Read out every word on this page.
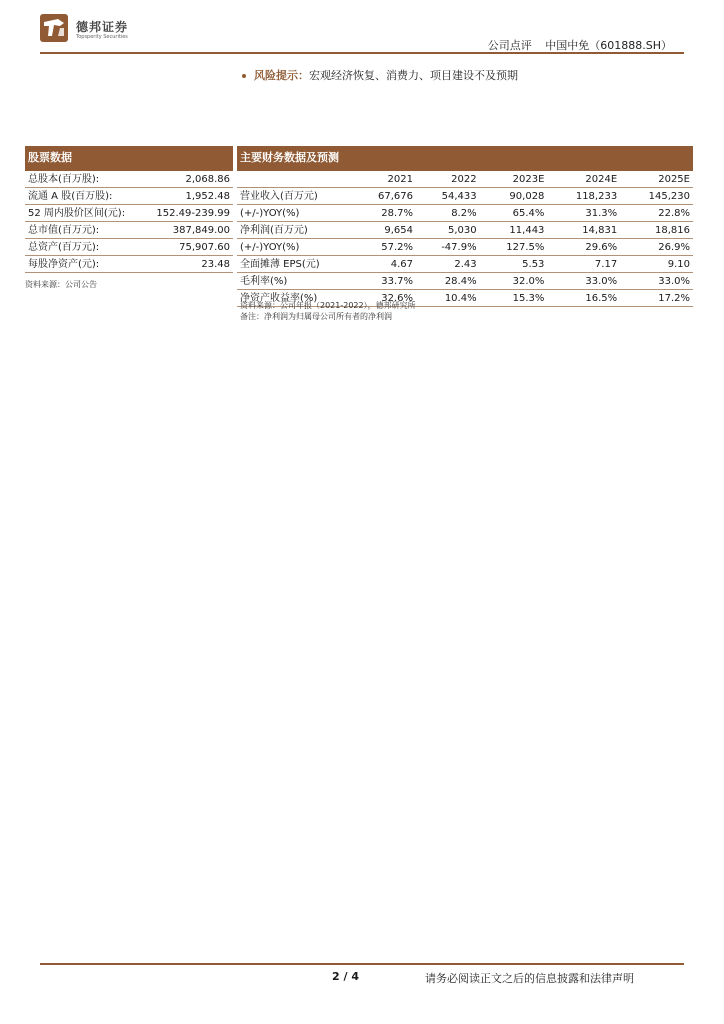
德邦证券
Topsperity Securities
公司点评 中国中免（601888.SH）
风险提示：宏观经济恢复、消费力、项目建设不及预期
股票数据
总股本(百万股):	2,068.86
流通 A 股(百万股):	1,952.48
52 周内股价区间(元):	152.49-239.99
总市值(百万元):	387,849.00
总资产(百万元):	75,907.60
每股净资产(元):	23.48
资料来源：公司公告
主要财务数据及预测
	2021	2022	2023E	2024E	2025E
营业收入(百万元)	67,676	54,433	90,028	118,233	145,230
(+/-)YOY(%)	28.7%	8.2%	65.4%	31.3%	22.8%
净利润(百万元)	9,654	5,030	11,443	14,831	18,816
(+/-)YOY(%)	57.2%	-47.9%	127.5%	29.6%	26.9%
全面摊薄 EPS(元)	4.67	2.43	5.53	7.17	9.10
毛利率(%)	33.7%	28.4%	32.0%	33.0%	33.0%
净资产收益率(%)	32.6%	10.4%	15.3%	16.5%	17.2%
资料来源：公司年报（2021-2022），德邦研究所
备注：净利润为归属母公司所有者的净利润
2 / 4	请务必阅读正文之后的信息披露和法律声明
